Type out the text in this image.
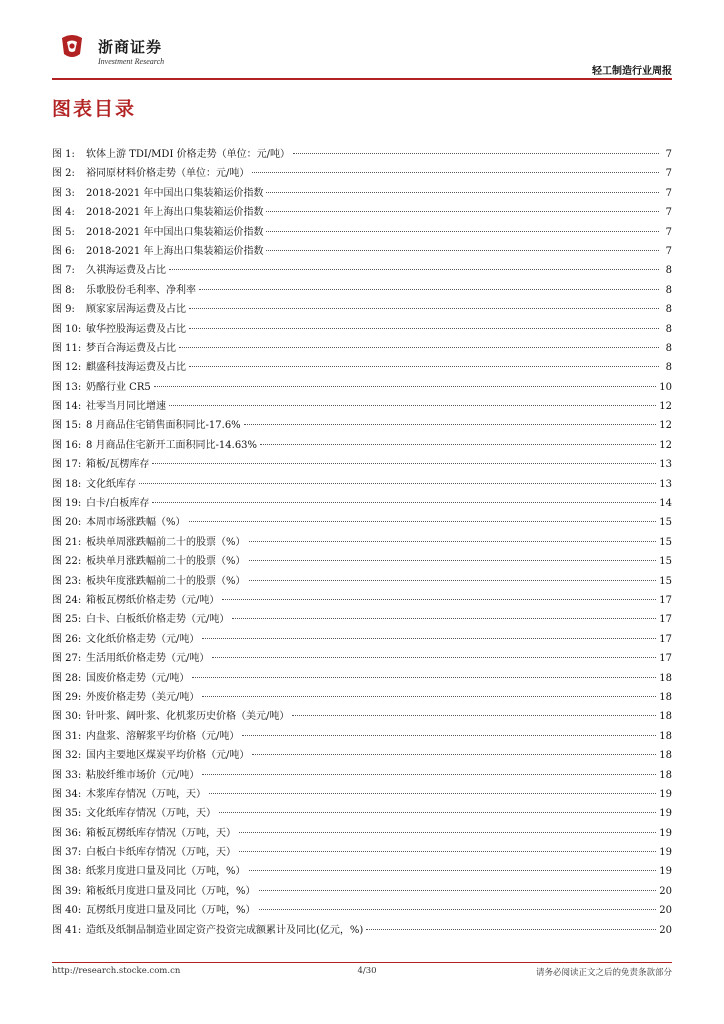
浙商证券
Investment Research
轻工制造行业周报
图表目录
图 1:	软体上游 TDI/MDI 价格走势（单位：元/吨）	7
图 2:	裕同原材料价格走势（单位：元/吨）	7
图 3:	2018-2021 年中国出口集装箱运价指数	7
图 4:	2018-2021 年上海出口集装箱运价指数	7
图 5:	2018-2021 年中国出口集装箱运价指数	7
图 6:	2018-2021 年上海出口集装箱运价指数	7
图 7:	久祺海运费及占比	8
图 8:	乐歌股份毛利率、净利率	8
图 9:	顾家家居海运费及占比	8
图 10: 敏华控股海运费及占比	8
图 11: 梦百合海运费及占比	8
图 12: 麒盛科技海运费及占比	8
图 13: 奶酪行业 CR5	10
图 14: 社零当月同比增速	12
图 15: 8 月商品住宅销售面积同比-17.6%	12
图 16: 8 月商品住宅新开工面积同比-14.63%	12
图 17: 箱板/瓦楞库存	13
图 18: 文化纸库存	13
图 19: 白卡/白板库存	14
图 20: 本周市场涨跌幅（%）	15
图 21: 板块单周涨跌幅前二十的股票（%）	15
图 22: 板块单月涨跌幅前二十的股票（%）	15
图 23: 板块年度涨跌幅前二十的股票（%）	15
图 24: 箱板瓦楞纸价格走势（元/吨）	17
图 25: 白卡、白板纸价格走势（元/吨）	17
图 26: 文化纸价格走势（元/吨）	17
图 27: 生活用纸价格走势（元/吨）	17
图 28: 国废价格走势（元/吨）	18
图 29: 外废价格走势（美元/吨）	18
图 30: 针叶浆、阔叶浆、化机浆历史价格（美元/吨）	18
图 31: 内盘浆、溶解浆平均价格（元/吨）	18
图 32: 国内主要地区煤炭平均价格（元/吨）	18
图 33: 粘胶纤维市场价（元/吨）	18
图 34: 木浆库存情况（万吨，天）	19
图 35: 文化纸库存情况（万吨，天）	19
图 36: 箱板瓦楞纸库存情况（万吨，天）	19
图 37: 白板白卡纸库存情况（万吨，天）	19
图 38: 纸浆月度进口量及同比（万吨，%）	19
图 39: 箱板纸月度进口量及同比（万吨，%）	20
图 40: 瓦楞纸月度进口量及同比（万吨，%）	20
图 41: 造纸及纸制品制造业固定资产投资完成额累计及同比(亿元，%)	20
http://research.stocke.com.cn	4/30	请务必阅读正文之后的免责条款部分
